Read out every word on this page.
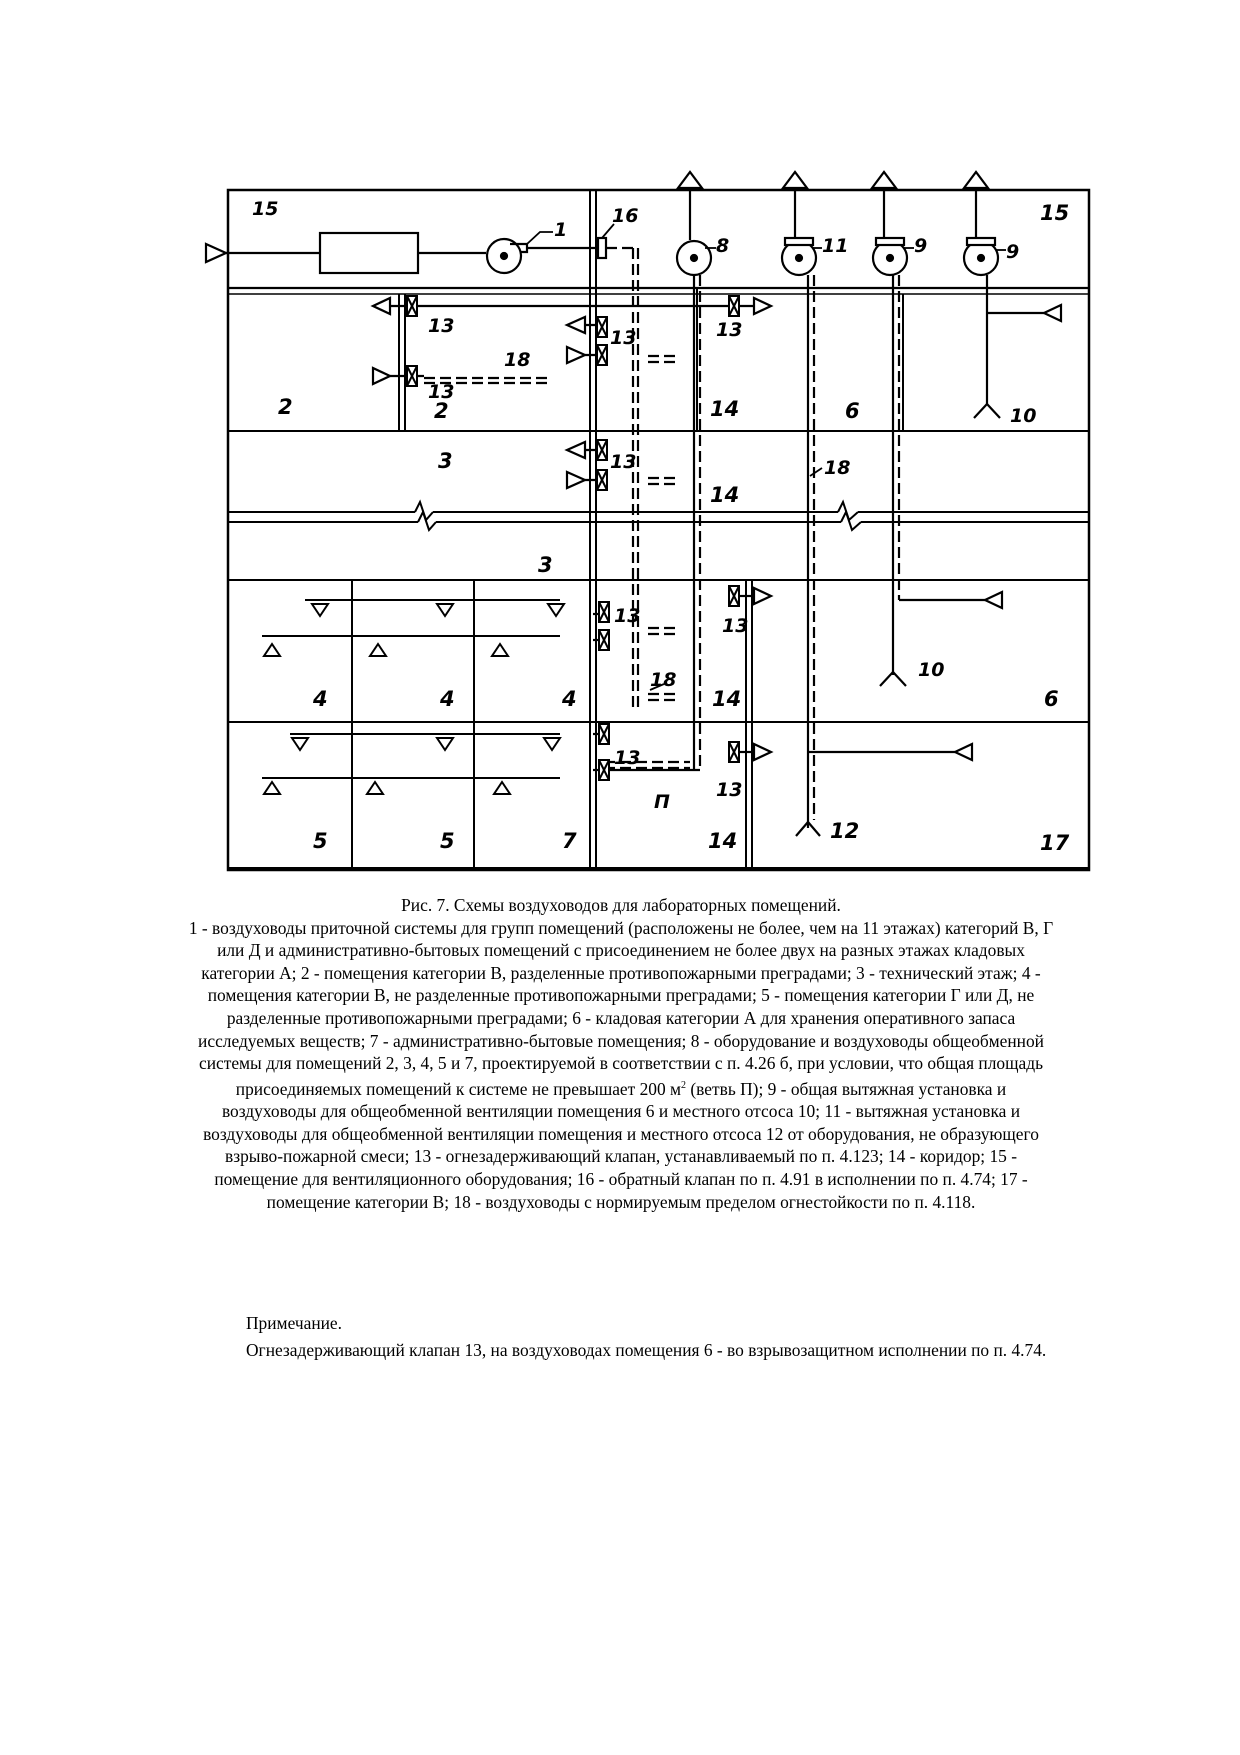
15	15
1
16
8	11	9	9
13
13	13
13
18
2	2	14	6	10
3	13
14
18
3
13	13
10
4	4	4
18
14	6
13
13
П
12
5	5	7	14	17

Рис. 7. Схемы воздуховодов для лабораторных помещений.

1 - воздуховоды приточной системы для групп помещений (расположены не более, чем на 11 этажах) категорий В, Г или Д и административно-бытовых помещений с присоединением не более двух на разных этажах кладовых категории А; 2 - помещения категории В, разделенные противопожарными преградами; 3 - технический этаж; 4 - помещения категории В, не разделенные противопожарными преградами; 5 - помещения категории Г или Д, не разделенные противопожарными преградами; 6 - кладовая категории А для хранения оперативного запаса исследуемых веществ; 7 - административно-бытовые помещения; 8 - оборудование и воздуховоды общеобменной системы для помещений 2, 3, 4, 5 и 7, проектируемой в соответствии с п. 4.26 б, при условии, что общая площадь присоединяемых помещений к системе не превышает 200 $м^2$ (ветвь П); 9 - общая вытяжная установка и воздуховоды для общеобменной вентиляции помещения 6 и местного отсоса 10; 11 - вытяжная установка и воздуховоды для общеобменной вентиляции помещения и местного отсоса 12 от оборудования, не образующего взрыво-пожарной смеси; 13 - огнезадерживающий клапан, устанавливаемый по п. 4.123; 14 - коридор; 15 - помещение для вентиляционного оборудования; 16 - обратный клапан по п. 4.91 в исполнении по п. 4.74; 17 - помещение категории В; 18 - воздуховоды с нормируемым пределом огнестойкости по п. 4.118.

Примечание.

Огнезадерживающий клапан 13, на воздуховодах помещения 6 - во взрывозащитном исполнении по п. 4.74.
